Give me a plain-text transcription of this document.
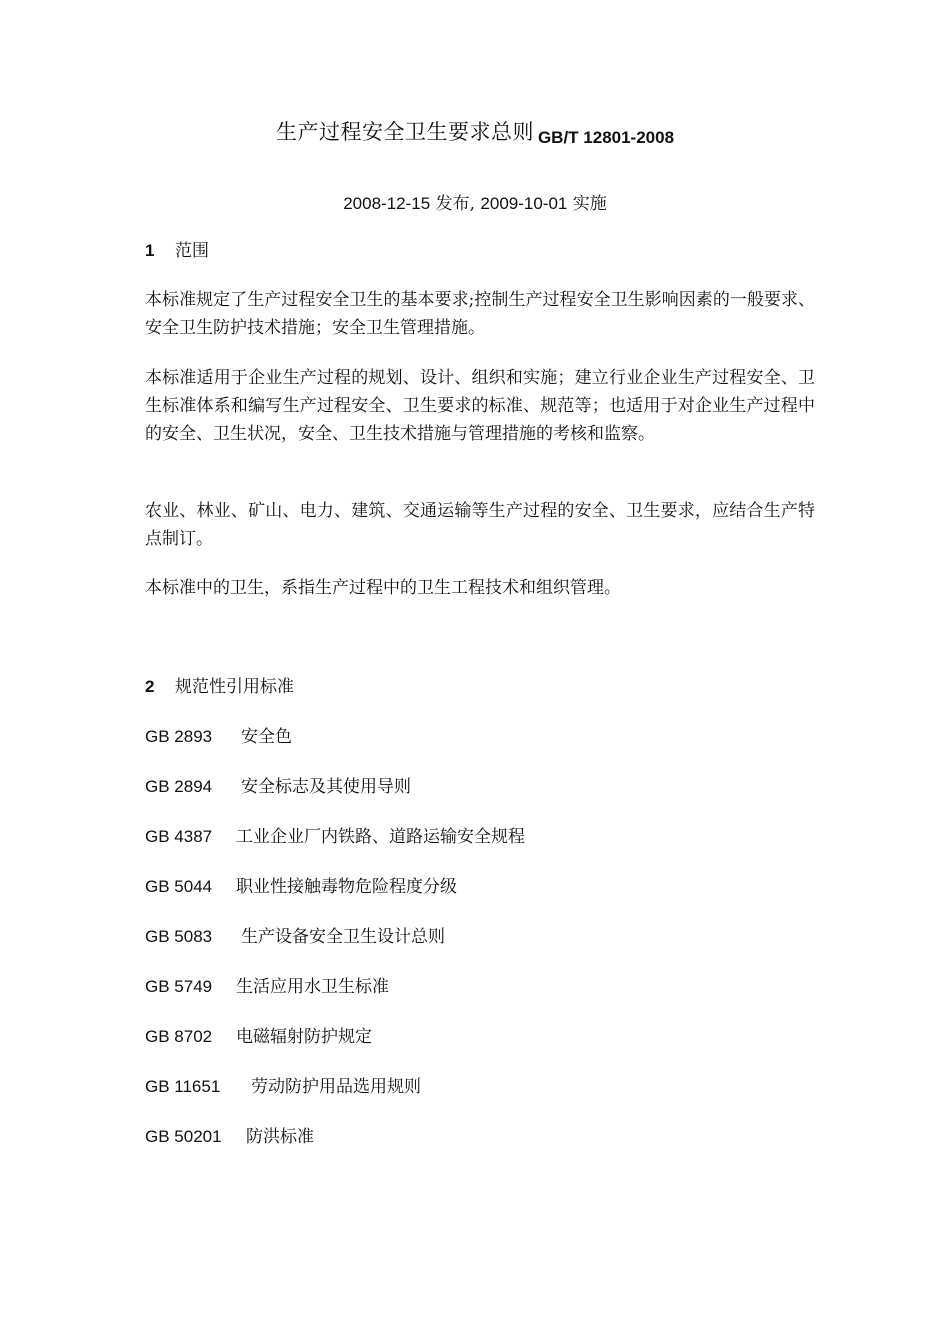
生产过程安全卫生要求总则 GB/T 12801-2008
2008-12-15 发布, 2009-10-01 实施
1 范围
本标准规定了生产过程安全卫生的基本要求;控制生产过程安全卫生影响因素的一般要求、安全卫生防护技术措施；安全卫生管理措施。
本标准适用于企业生产过程的规划、设计、组织和实施；建立行业企业生产过程安全、卫生标准体系和编写生产过程安全、卫生要求的标准、规范等；也适用于对企业生产过程中的安全、卫生状况，安全、卫生技术措施与管理措施的考核和监察。
农业、林业、矿山、电力、建筑、交通运输等生产过程的安全、卫生要求，应结合生产特点制订。
本标准中的卫生，系指生产过程中的卫生工程技术和组织管理。
2 规范性引用标准
GB 2893 安全色
GB 2894 安全标志及其使用导则
GB 4387 工业企业厂内铁路、道路运输安全规程
GB 5044 职业性接触毒物危险程度分级
GB 5083 生产设备安全卫生设计总则
GB 5749 生活应用水卫生标准
GB 8702 电磁辐射防护规定
GB 11651 劳动防护用品选用规则
GB 50201 防洪标准
